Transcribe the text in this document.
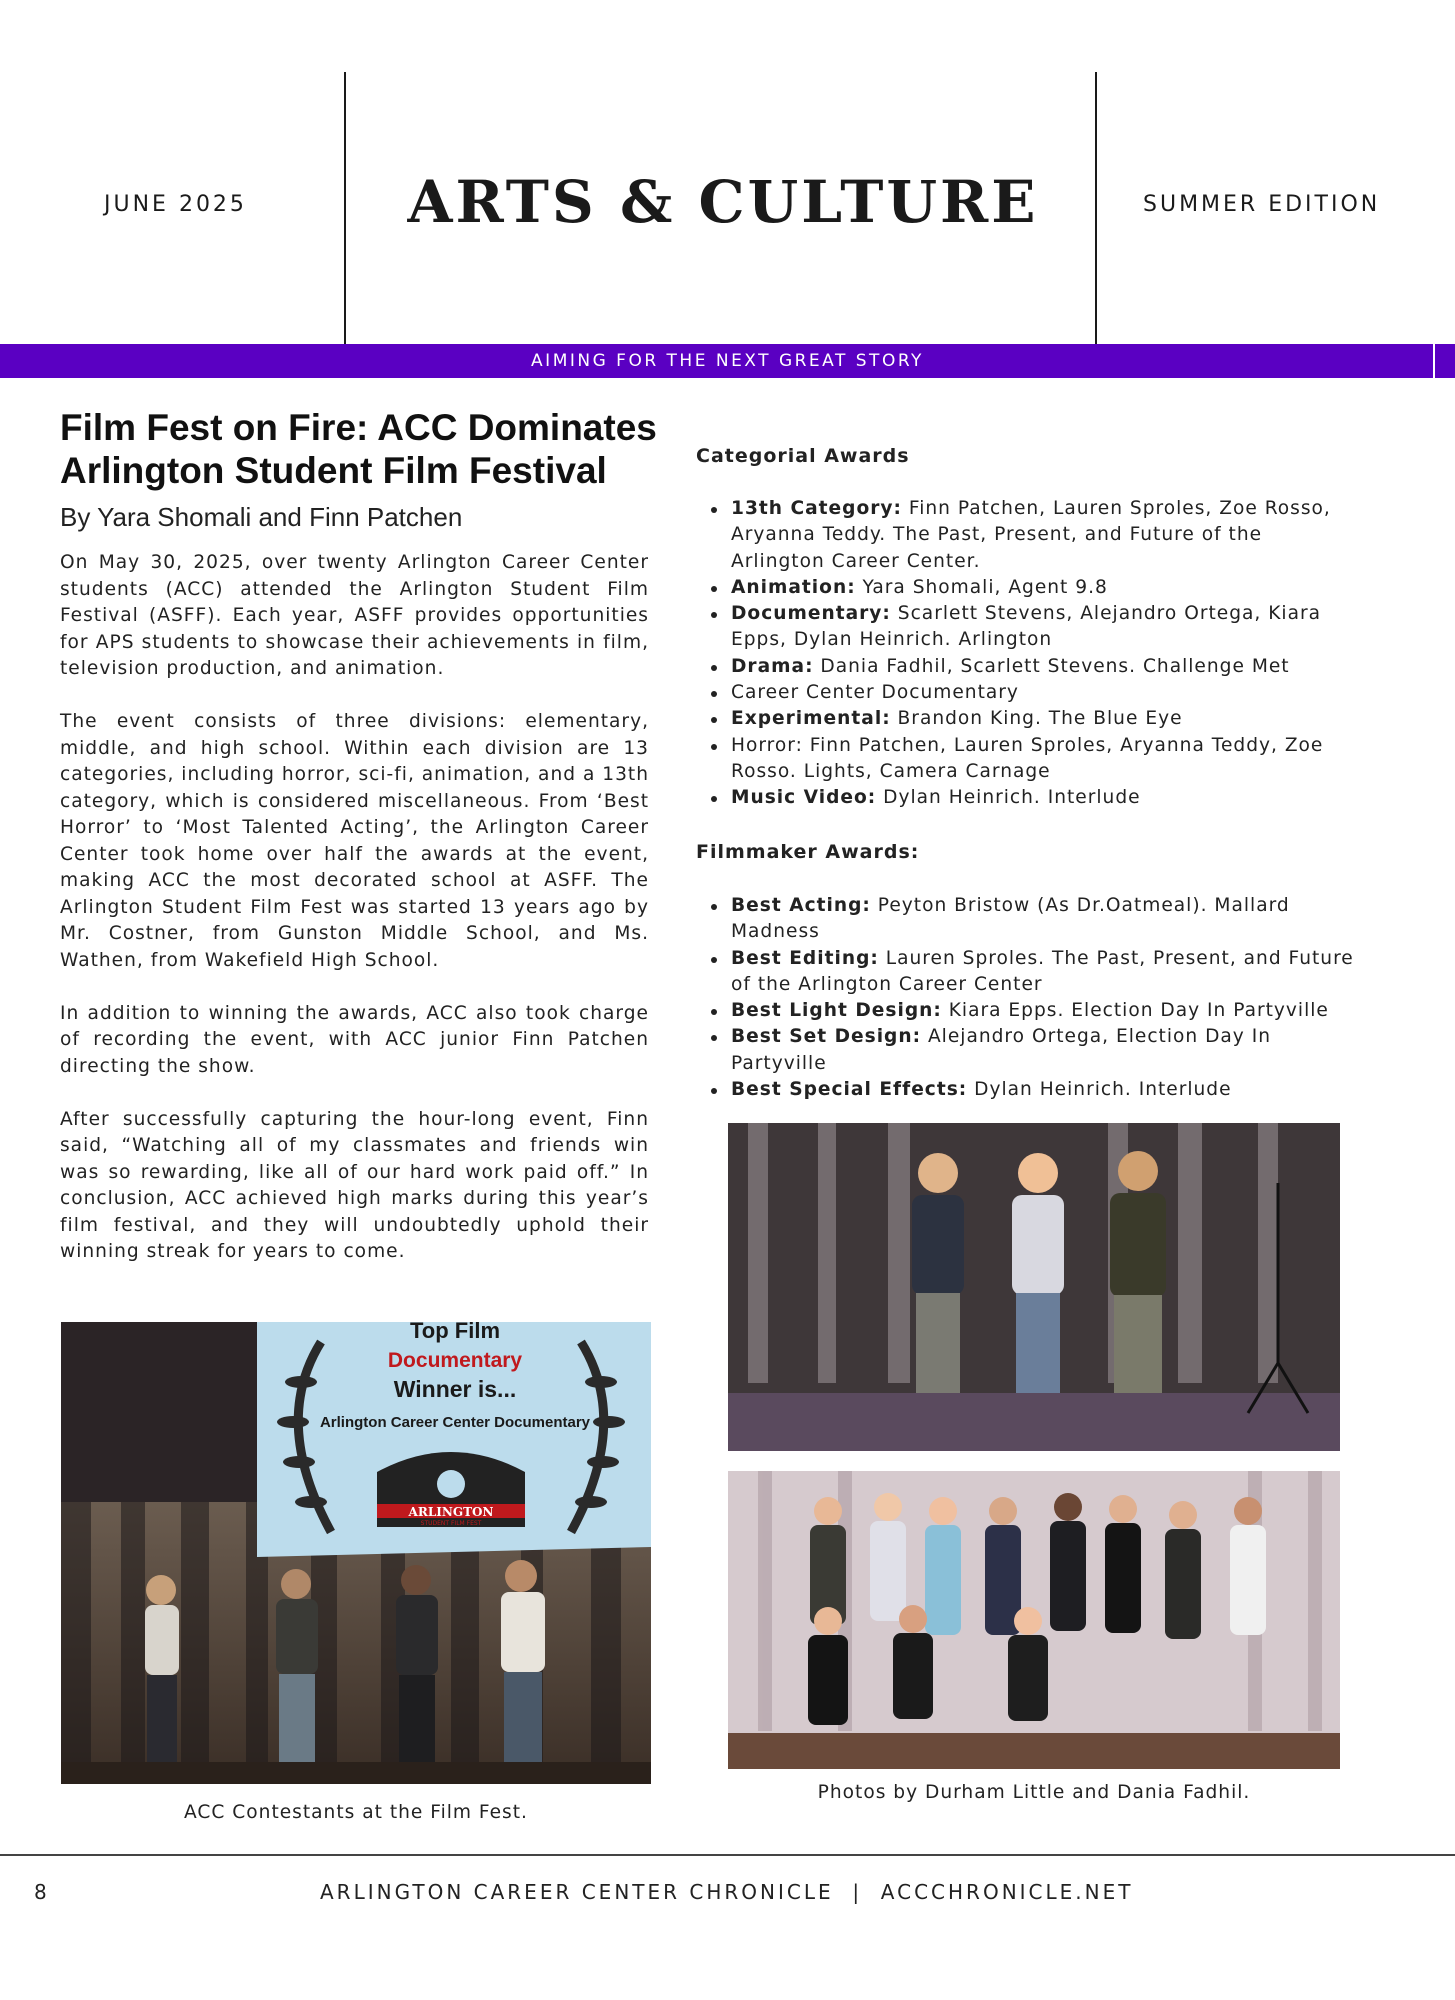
JUNE 2025	ARTS & CULTURE	SUMMER EDITION
AIMING FOR THE NEXT GREAT STORY
Film Fest on Fire: ACC Dominates Arlington Student Film Festival
By Yara Shomali and Finn Patchen

On May 30, 2025, over twenty Arlington Career Center students (ACC) attended the Arlington Student Film Festival (ASFF). Each year, ASFF provides opportunities for APS students to showcase their achievements in film, television production, and animation.

The event consists of three divisions: elementary, middle, and high school. Within each division are 13 categories, including horror, sci-fi, animation, and a 13th category, which is considered miscellaneous. From ‘Best Horror’ to ‘Most Talented Acting’, the Arlington Career Center took home over half the awards at the event, making ACC the most decorated school at ASFF. The Arlington Student Film Fest was started 13 years ago by Mr. Costner, from Gunston Middle School, and Ms. Wathen, from Wakefield High School.

In addition to winning the awards, ACC also took charge of recording the event, with ACC junior Finn Patchen directing the show.

After successfully capturing the hour-long event, Finn said, “Watching all of my classmates and friends win was so rewarding, like all of our hard work paid off.” In conclusion, ACC achieved high marks during this year’s film festival, and they will undoubtedly uphold their winning streak for years to come.

Categorial Awards
13th Category: Finn Patchen, Lauren Sproles, Zoe Rosso, Aryanna Teddy. The Past, Present, and Future of the Arlington Career Center.
Animation: Yara Shomali, Agent 9.8
Documentary: Scarlett Stevens, Alejandro Ortega, Kiara Epps, Dylan Heinrich. Arlington
Drama: Dania Fadhil, Scarlett Stevens. Challenge Met
Career Center Documentary
Experimental: Brandon King. The Blue Eye
Horror: Finn Patchen, Lauren Sproles, Aryanna Teddy, Zoe Rosso. Lights, Camera Carnage
Music Video: Dylan Heinrich. Interlude
Filmmaker Awards:
Best Acting: Peyton Bristow (As Dr.Oatmeal). Mallard Madness
Best Editing: Lauren Sproles. The Past, Present, and Future of the Arlington Career Center
Best Light Design: Kiara Epps. Election Day In Partyville
Best Set Design: Alejandro Ortega, Election Day In Partyville
Best Special Effects: Dylan Heinrich. Interlude
Top Film
Documentary
Winner is...
Arlington Career Center Documentary
ARLINGTON
STUDENT FILM FEST
ACC Contestants at the Film Fest.
Photos by Durham Little and Dania Fadhil.
8	ARLINGTON CAREER CENTER CHRONICLE  |  ACCCHRONICLE.NET
